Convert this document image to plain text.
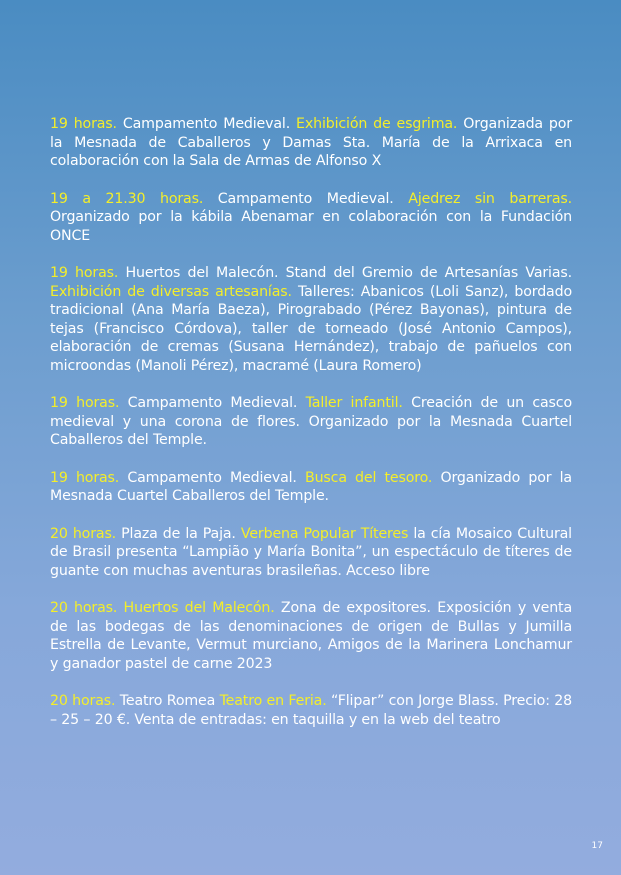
19 horas. Campamento Medieval. Exhibición de esgrima. Organizada por la Mesnada de Caballeros y Damas Sta. María de la Arrixaca en colaboración con la Sala de Armas de Alfonso X

19 a 21.30 horas. Campamento Medieval. Ajedrez sin barreras. Organizado por la kábila Abenamar en colaboración con la Fundación ONCE

19 horas. Huertos del Malecón. Stand del Gremio de Artesanías Varias. Exhibición de diversas artesanías. Talleres: Abanicos (Loli Sanz), bordado tradicional (Ana María Baeza), Pirograbado (Pérez Bayonas), pintura de tejas (Francisco Córdova), taller de torneado (José Antonio Campos), elaboración de cremas (Susana Hernández), trabajo de pañuelos con microondas (Manoli Pérez), macramé (Laura Romero)

19 horas. Campamento Medieval. Taller infantil. Creación de un casco medieval y una corona de flores. Organizado por la Mesnada Cuartel Caballeros del Temple.

19 horas. Campamento Medieval. Busca del tesoro. Organizado por la Mesnada Cuartel Caballeros del Temple.

20 horas. Plaza de la Paja. Verbena Popular Títeres la cía Mosaico Cultural de Brasil presenta “Lampião y María Bonita”, un espectáculo de títeres de guante con muchas aventuras brasileñas. Acceso libre

20 horas. Huertos del Malecón. Zona de expositores. Exposición y venta de las bodegas de las denominaciones de origen de Bullas y Jumilla Estrella de Levante, Vermut murciano, Amigos de la Marinera Lonchamur y ganador pastel de carne 2023

20 horas. Teatro Romea Teatro en Feria. “Flipar” con Jorge Blass. Precio: 28 – 25 – 20 €. Venta de entradas: en taquilla y en la web del teatro

17
